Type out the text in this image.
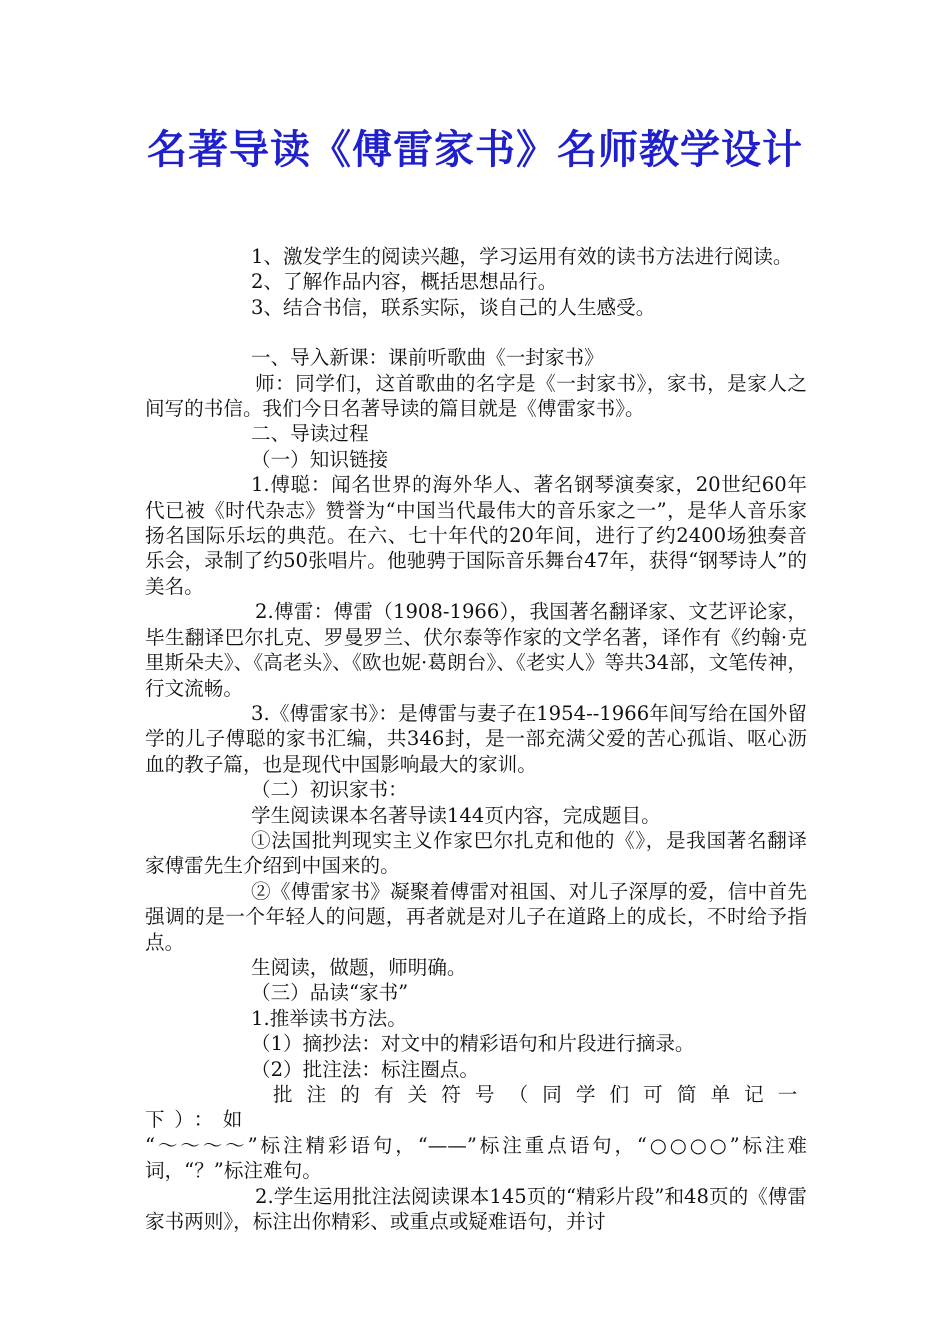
名著导读《傅雷家书》名师教学设计

1、激发学生的阅读兴趣，学习运用有效的读书方法进行阅读。

2、了解作品内容，概括思想品行。

3、结合书信，联系实际，谈自己的人生感受。

一、导入新课：课前听歌曲《一封家书》

师：同学们，这首歌曲的名字是《一封家书》，家书，是家人之间写的书信。我们今日名著导读的篇目就是《傅雷家书》。

二、导读过程

（一）知识链接

1.傅聪：闻名世界的海外华人、著名钢琴演奏家，20世纪60年代已被《时代杂志》赞誉为“中国当代最伟大的音乐家之一”，是华人音乐家扬名国际乐坛的典范。在六、七十年代的20年间，进行了约2400场独奏音乐会，录制了约50张唱片。他驰骋于国际音乐舞台47年，获得“钢琴诗人”的美名。

2.傅雷：傅雷（1908-1966），我国著名翻译家、文艺评论家，毕生翻译巴尔扎克、罗曼罗兰、伏尔泰等作家的文学名著，译作有《约翰·克里斯朵夫》、《高老头》、《欧也妮·葛朗台》、《老实人》等共34部，文笔传神，行文流畅。

3.《傅雷家书》：是傅雷与妻子在1954--1966年间写给在国外留学的儿子傅聪的家书汇编，共346封，是一部充满父爱的苦心孤诣、呕心沥血的教子篇，也是现代中国影响最大的家训。

（二）初识家书：

学生阅读课本名著导读144页内容，完成题目。

①法国批判现实主义作家巴尔扎克和他的《》，是我国著名翻译家傅雷先生介绍到中国来的。

②《傅雷家书》凝聚着傅雷对祖国、对儿子深厚的爱，信中首先强调的是一个年轻人的问题，再者就是对儿子在道路上的成长，不时给予指点。

生阅读，做题，师明确。

（三）品读“家书”

1.推举读书方法。

（1）摘抄法：对文中的精彩语句和片段进行摘录。

（2）批注法：标注圈点。

批注的有关符号（同学们可简单记一下）：如

“～～～～”标注精彩语句，“——”标注重点语句，“○○○○”标注难词，“？”标注难句。

2.学生运用批注法阅读课本145页的“精彩片段”和48页的《傅雷家书两则》，标注出你精彩、或重点或疑难语句，并讨
